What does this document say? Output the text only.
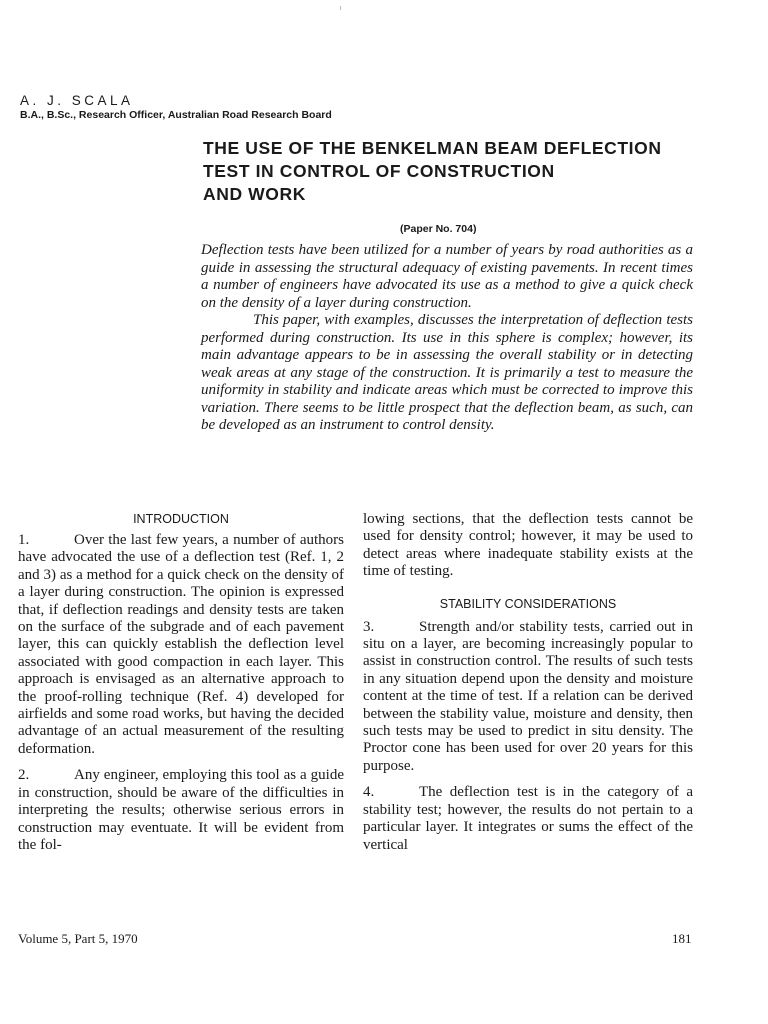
A. J. SCALA
B.A., B.Sc., Research Officer, Australian Road Research Board
THE USE OF THE BENKELMAN BEAM DEFLECTION
TEST IN CONTROL OF CONSTRUCTION
AND WORK
(Paper No. 704)

Deflection tests have been utilized for a number of years by road authorities as a guide in assessing the structural adequacy of existing pavements. In recent times a number of engineers have advocated its use as a method to give a quick check on the density of a layer during construction.

This paper, with examples, discusses the interpretation of deflection tests performed during construction. Its use in this sphere is complex; however, its main advantage appears to be in assessing the overall stability or in detecting weak areas at any stage of the construction. It is primarily a test to measure the uniformity in stability and indicate areas which must be corrected to improve this variation. There seems to be little prospect that the deflection beam, as such, can be developed as an instrument to control density.

INTRODUCTION

1.	Over the last few years, a number of authors have advocated the use of a deflection test (Ref. 1, 2 and 3) as a method for a quick check on the density of a layer during construction. The opinion is expressed that, if deflection readings and density tests are taken on the surface of the subgrade and of each pavement layer, this can quickly establish the deflection level associated with good compaction in each layer. This approach is envisaged as an alternative approach to the proof-rolling technique (Ref. 4) developed for airfields and some road works, but having the decided advantage of an actual measurement of the resulting deformation.

2.	Any engineer, employing this tool as a guide in construction, should be aware of the difficulties in interpreting the results; otherwise serious errors in construction may eventuate. It will be evident from the fol-

lowing sections, that the deflection tests cannot be used for density control; however, it may be used to detect areas where inadequate stability exists at the time of testing.

STABILITY CONSIDERATIONS

3.	Strength and/or stability tests, carried out in situ on a layer, are becoming increasingly popular to assist in construction control. The results of such tests in any situation depend upon the density and moisture content at the time of test. If a relation can be derived between the stability value, moisture and density, then such tests may be used to predict in situ density. The Proctor cone has been used for over 20 years for this purpose.

4.	The deflection test is in the category of a stability test; however, the results do not pertain to a particular layer. It integrates or sums the effect of the vertical

Volume 5, Part 5, 1970	181
